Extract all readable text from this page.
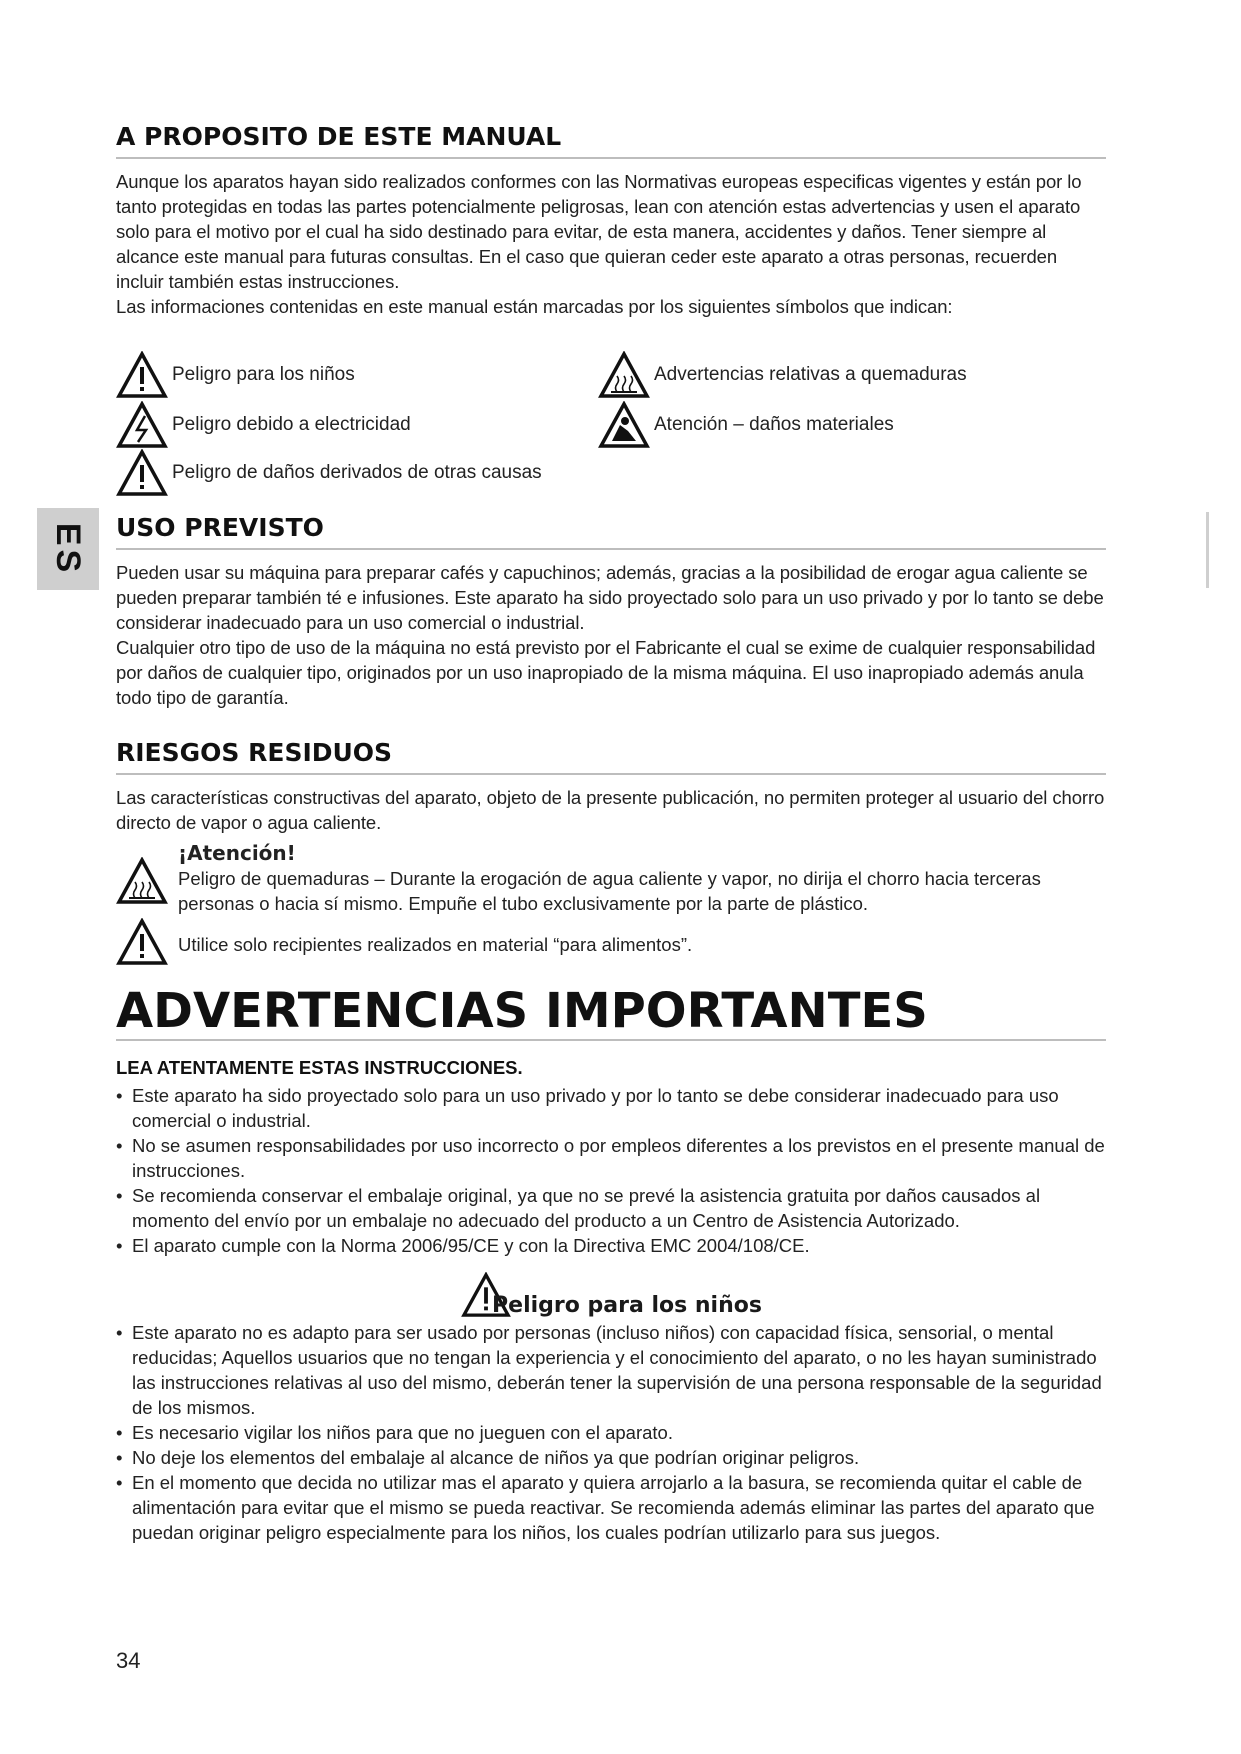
ES
A PROPOSITO DE ESTE MANUAL

Aunque los aparatos hayan sido realizados conformes con las Normativas europeas especificas vigentes y están por lo tanto protegidas en todas las partes potencialmente peligrosas, lean con atención estas advertencias y usen el aparato solo para el motivo por el cual ha sido destinado para evitar, de esta manera, accidentes y daños. Tener siempre al alcance este manual para futuras consultas. En el caso que quieran ceder este aparato a otras personas, recuerden incluir también estas instrucciones.
Las informaciones contenidas en este manual están marcadas por los siguientes símbolos que indican:

Peligro para los niños
Peligro debido a electricidad
Peligro de daños derivados de otras causas
Advertencias relativas a quemaduras
Atención – daños materiales
USO PREVISTO

Pueden usar su máquina para preparar cafés y capuchinos; además, gracias a la posibilidad de erogar agua caliente se pueden preparar también té e infusiones. Este aparato ha sido proyectado solo para un uso privado y por lo tanto se debe considerar inadecuado para un uso comercial o industrial.
Cualquier otro tipo de uso de la máquina no está previsto por el Fabricante el cual se exime de cualquier responsabilidad por daños de cualquier tipo, originados por un uso inapropiado de la misma máquina. El uso inapropiado además anula todo tipo de garantía.

RIESGOS RESIDUOS

Las características constructivas del aparato, objeto de la presente publicación, no permiten proteger al usuario del chorro directo de vapor o agua caliente.

¡Atención!
Peligro de quemaduras – Durante la erogación de agua caliente y vapor, no dirija el chorro hacia terceras personas o hacia sí mismo. Empuñe el tubo exclusivamente por la parte de plástico.
Utilice solo recipientes realizados en material “para alimentos”.
ADVERTENCIAS IMPORTANTES
LEA ATENTAMENTE ESTAS INSTRUCCIONES.
• Este aparato ha sido proyectado solo para un uso privado y por lo tanto se debe considerar inadecuado para uso comercial o industrial.
• No se asumen responsabilidades por uso incorrecto o por empleos diferentes a los previstos en el presente manual de instrucciones.
• Se recomienda conservar el embalaje original, ya que no se prevé la asistencia gratuita por daños causados al momento del envío por un embalaje no adecuado del producto a un Centro de Asistencia Autorizado.
• El aparato cumple con la Norma 2006/95/CE y con la Directiva EMC 2004/108/CE.
Peligro para los niños
• Este aparato no es adapto para ser usado por personas (incluso niños) con capacidad física, sensorial, o mental reducidas; Aquellos usuarios que no tengan la experiencia y el conocimiento del aparato, o no les hayan suministrado las instrucciones relativas al uso del mismo, deberán tener la supervisión de una persona responsable de la seguridad de los mismos.
• Es necesario vigilar los niños para que no jueguen con el aparato.
• No deje los elementos del embalaje al alcance de niños ya que podrían originar peligros.
• En el momento que decida no utilizar mas el aparato y quiera arrojarlo a la basura, se recomienda quitar el cable de alimentación para evitar que el mismo se pueda reactivar. Se recomienda además eliminar las partes del aparato que puedan originar peligro especialmente para los niños, los cuales podrían utilizarlo para sus juegos.
34
